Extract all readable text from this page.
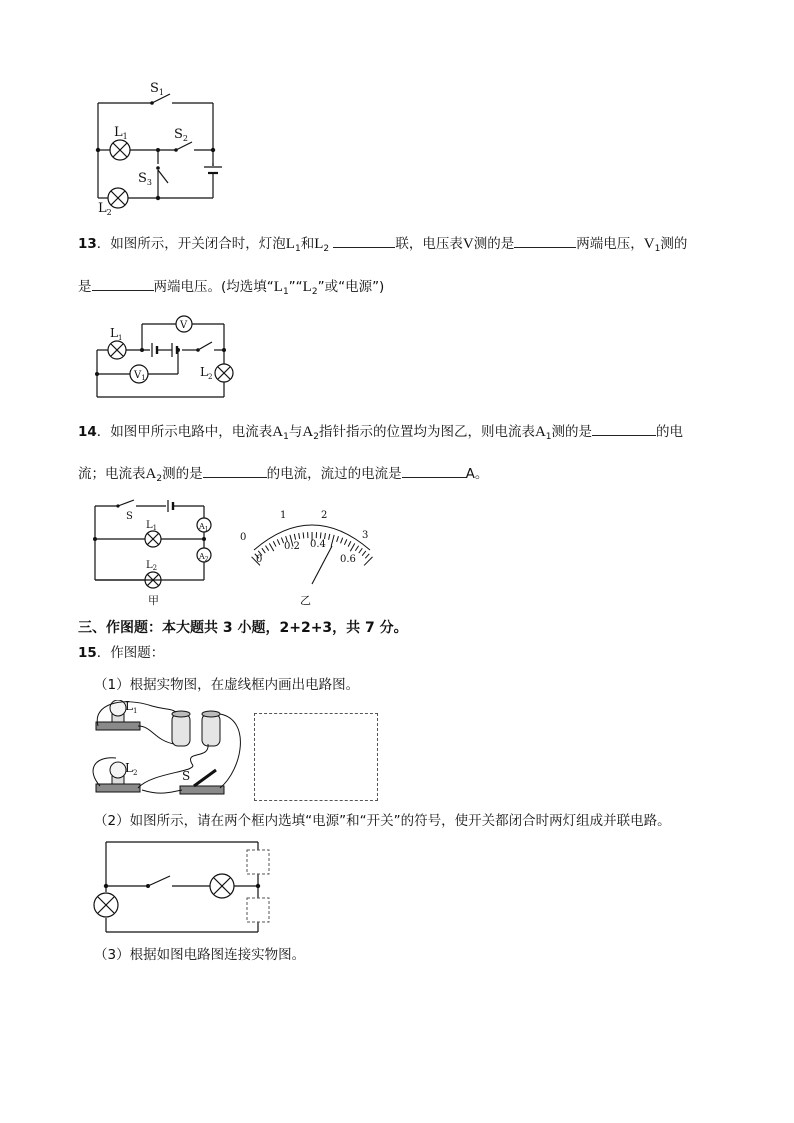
$S_1$
$L_1$	$S_2$
$S_3$
$L_2$
13．如图所示，开关闭合时，灯泡$L_1$和$L_2$	联，电压表V测的是	两端电压，$V_1$测的
是	两端电压。(均选填“$L_1”“L_2$”或“电源”)
V
$V_1$
$L_1$
$L_2$
14．如图甲所示电路中，电流表$A_1$与$A_2$指针指示的位置均为图乙，则电流表$A_1$测的是	的电
流；电流表$A_2$测的是	的电流，流过的电流是	A。
S
$L_1$
$L_2$
$A_1$
$A_2$
甲
0
1	2
3
0
0.2 0.4
0.6
乙
三、作图题：本大题共 3 小题，2+2+3，共 7 分。
15．作图题：
（1）根据实物图，在虚线框内画出电路图。
$L_1$
$L_2$	S
（2）如图所示，请在两个框内选填“电源”和“开关”的符号，使开关都闭合时两灯组成并联电路。
（3）根据如图电路图连接实物图。
